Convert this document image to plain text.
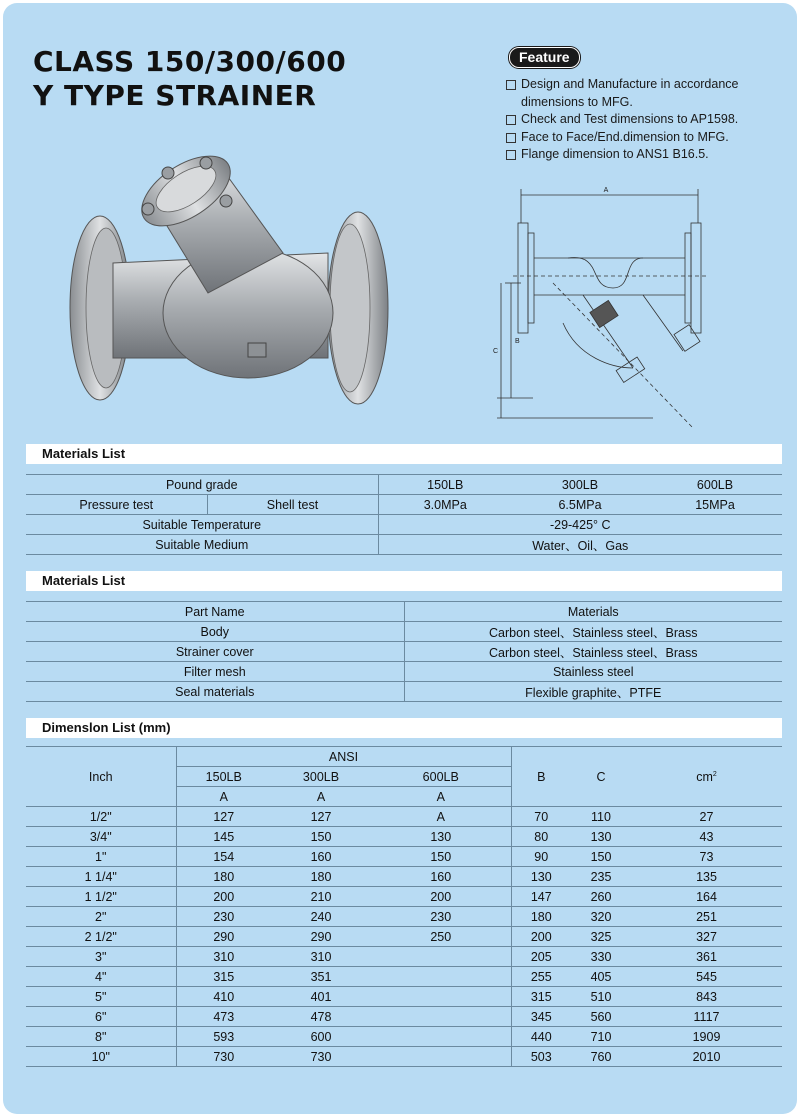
CLASS 150/300/600
Y TYPE STRAINER
Feature
Design and Manufacture in accordance
dimensions to MFG.
Check and Test dimensions to AP1598.
Face to Face/End.dimension to MFG.
Flange dimension to ANS1 B16.5.
A
B
C
Materials List
Pound grade		150LB	300LB	600LB
Pressure test	Shell test	3.0MPa	6.5MPa	15MPa
Suitable Temperature		-29-425° C		
Suitable Medium		Water、Oil、Gas		
Materials List
Part Name	Materials
Body	Carbon steel、Stainless steel、Brass
Strainer cover	Carbon steel、Stainless steel、Brass
Filter mesh	Stainless steel
Seal materials	Flexible graphite、PTFE
Dimenslon List (mm)
Inch	ANSI			B	C	$cm^2$
	150LB	300LB	600LB			
	A	A	A			
1/2"	127	127	A	70	110	27
3/4"	145	150	130	80	130	43
1"	154	160	150	90	150	73
1 1/4"	180	180	160	130	235	135
1 1/2"	200	210	200	147	260	164
2"	230	240	230	180	320	251
2 1/2"	290	290	250	200	325	327
3"	310	310		205	330	361
4"	315	351		255	405	545
5"	410	401		315	510	843
6"	473	478		345	560	1117
8"	593	600		440	710	1909
10"	730	730		503	760	2010
